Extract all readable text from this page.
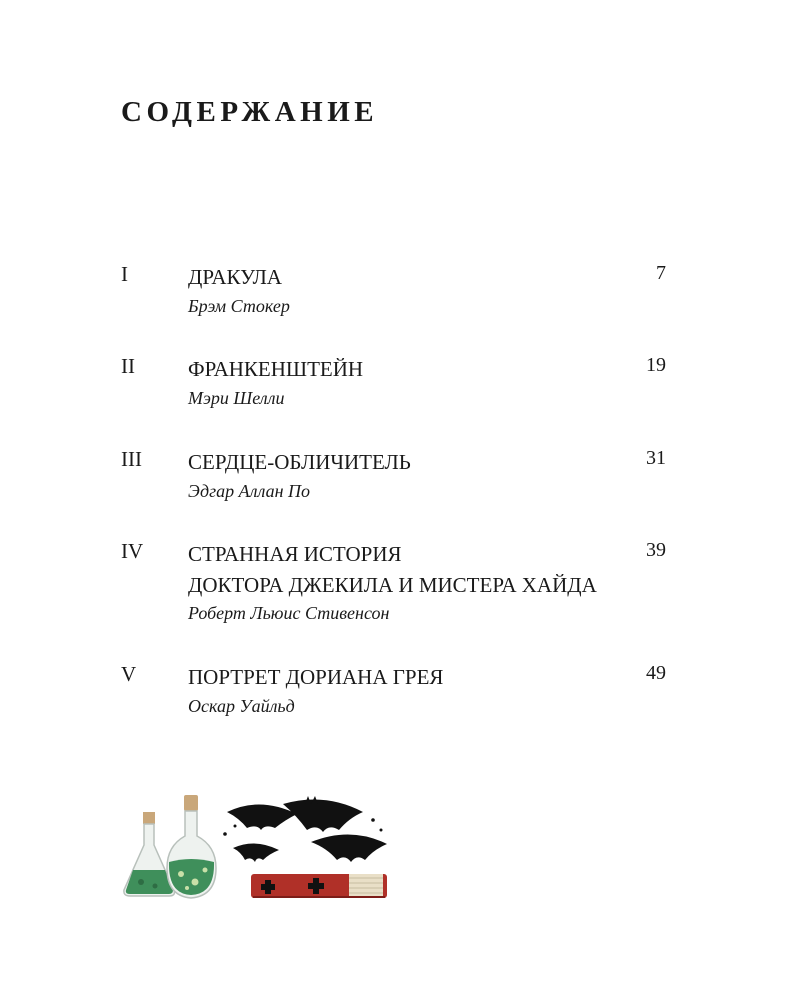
СОДЕРЖАНИЕ
I	ДРАКУЛА
Брэм Стокер
7
II	ФРАНКЕНШТЕЙН
Мэри Шелли
19
III СЕРДЦЕ-ОБЛИЧИТЕЛЬ
Эдгар Аллан По
31
IV СТРАННАЯ ИСТОРИЯ
ДОКТОРА ДЖЕКИЛА И МИСТЕРА ХАЙДА
Роберт Льюис Стивенсон
39
V ПОРТРЕТ ДОРИАНА ГРЕЯ
Оскар Уайльд
49
